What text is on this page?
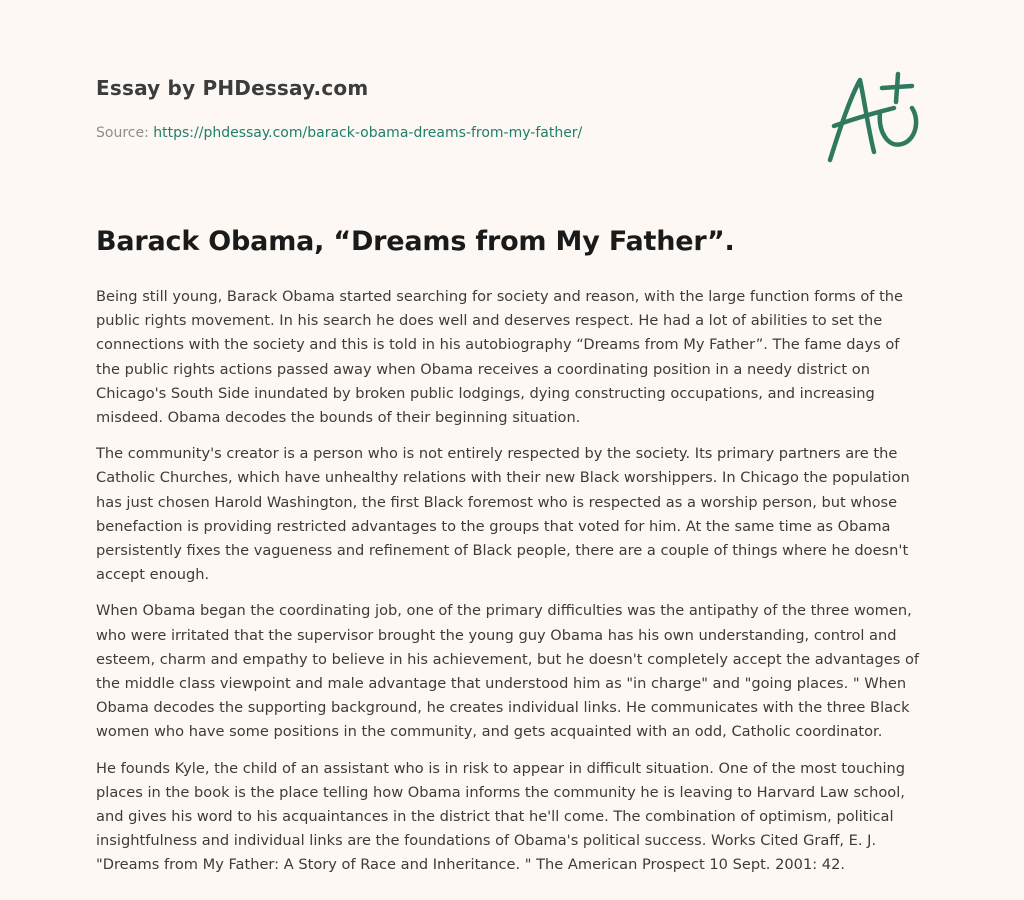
Essay by PHDessay.com
Source: https://phdessay.com/barack-obama-dreams-from-my-father/
Barack Obama, “Dreams from My Father”.

Being still young, Barack Obama started searching for society and reason, with the large function forms of the public rights movement. In his search he does well and deserves respect. He had a lot of abilities to set the connections with the society and this is told in his autobiography “Dreams from My Father”. The fame days of the public rights actions passed away when Obama receives a coordinating position in a needy district on Chicago's South Side inundated by broken public lodgings, dying constructing occupations, and increasing misdeed. Obama decodes the bounds of their beginning situation.

The community's creator is a person who is not entirely respected by the society. Its primary partners are the Catholic Churches, which have unhealthy relations with their new Black worshippers. In Chicago the population has just chosen Harold Washington, the first Black foremost who is respected as a worship person, but whose benefaction is providing restricted advantages to the groups that voted for him. At the same time as Obama persistently fixes the vagueness and refinement of Black people, there are a couple of things where he doesn't accept enough.

When Obama began the coordinating job, one of the primary difficulties was the antipathy of the three women, who were irritated that the supervisor brought the young guy Obama has his own understanding, control and esteem, charm and empathy to believe in his achievement, but he doesn't completely accept the advantages of the middle class viewpoint and male advantage that understood him as "in charge" and "going places. " When Obama decodes the supporting background, he creates individual links. He communicates with the three Black women who have some positions in the community, and gets acquainted with an odd, Catholic coordinator.

He founds Kyle, the child of an assistant who is in risk to appear in difficult situation. One of the most touching places in the book is the place telling how Obama informs the community he is leaving to Harvard Law school, and gives his word to his acquaintances in the district that he'll come. The combination of optimism, political insightfulness and individual links are the foundations of Obama's political success. Works Cited Graff, E. J. "Dreams from My Father: A Story of Race and Inheritance. " The American Prospect 10 Sept. 2001: 42.
